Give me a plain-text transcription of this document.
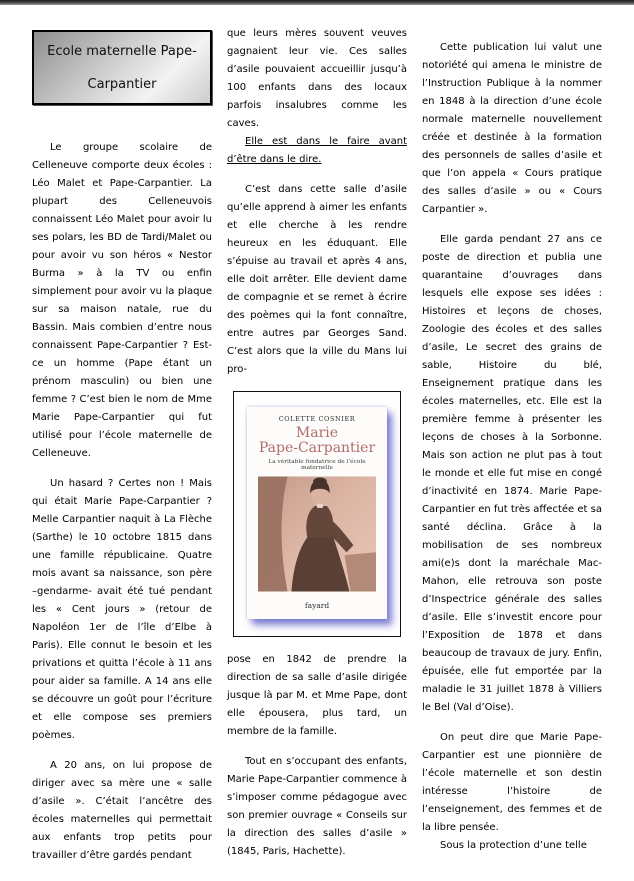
Ecole maternelle Pape-Carpantier

Le groupe scolaire de Celleneuve comporte deux écoles : Léo Malet et Pape-Carpantier. La plupart des Celleneuvois connaissent Léo Malet pour avoir lu ses polars, les BD de Tardi/Malet ou pour avoir vu son héros « Nestor Burma » à la TV ou enfin simplement pour avoir vu la plaque sur sa maison natale, rue du Bassin. Mais combien d’entre nous connaissent Pape-Carpantier ? Est-ce un homme (Pape étant un prénom masculin) ou bien une femme ? C’est bien le nom de Mme Marie Pape-Carpantier qui fut utilisé pour l’école maternelle de Celleneuve.

Un hasard ? Certes non ! Mais qui était Marie Pape-Carpantier ? Melle Carpantier naquit à La Flèche (Sarthe) le 10 octobre 1815 dans une famille républicaine. Quatre mois avant sa naissance, son père –gendarme- avait été tué pendant les « Cent jours » (retour de Napoléon 1er de l’île d’Elbe à Paris). Elle connut le besoin et les privations et quitta l’école à 11 ans pour aider sa famille. A 14 ans elle se découvre un goût pour l’écriture et elle compose ses premiers poèmes.

A 20 ans, on lui propose de diriger avec sa mère une « salle d’asile ». C’était l’ancêtre des écoles maternelles qui permettait aux enfants trop petits pour travailler d’être gardés pendant

que leurs mères souvent veuves gagnaient leur vie. Ces salles d’asile pouvaient accueillir jusqu’à 100 enfants dans des locaux parfois insalubres comme les caves.

Elle est dans le faire avant d’être dans le dire.

C’est dans cette salle d’asile qu’elle apprend à aimer les enfants et elle cherche à les rendre heureux en les éduquant. Elle s’épuise au travail et après 4 ans, elle doit arrêter. Elle devient dame de compagnie et se remet à écrire des poèmes qui la font connaître, entre autres par Georges Sand. C’est alors que la ville du Mans lui pro-

COLETTE COSNIER
Marie
Pape-Carpantier
La véritable fondatrice de l’école maternelle
fayard

pose en 1842 de prendre la direction de sa salle d’asile dirigée jusque là par M. et Mme Pape, dont elle épousera, plus tard, un membre de la famille.

Tout en s’occupant des enfants, Marie Pape-Carpantier commence à s’imposer comme pédagogue avec son premier ouvrage « Conseils sur la direction des salles d’asile » (1845, Paris, Hachette).

Cette publication lui valut une notoriété qui amena le ministre de l’Instruction Publique à la nommer en 1848 à la direction d’une école normale maternelle nouvellement créée et destinée à la formation des personnels de salles d’asile et que l’on appela « Cours pratique des salles d’asile » ou « Cours Carpantier ».

Elle garda pendant 27 ans ce poste de direction et publia une quarantaine d’ouvrages dans lesquels elle expose ses idées : Histoires et leçons de choses, Zoologie des écoles et des salles d’asile, Le secret des grains de sable, Histoire du blé, Enseignement pratique dans les écoles maternelles, etc. Elle est la première femme à présenter les leçons de choses à la Sorbonne. Mais son action ne plut pas à tout le monde et elle fut mise en congé d’inactivité en 1874. Marie Pape-Carpantier en fut très affectée et sa santé déclina. Grâce à la mobilisation de ses nombreux ami(e)s dont la maréchale Mac-Mahon, elle retrouva son poste d’Inspectrice générale des salles d’asile. Elle s’investit encore pour l’Exposition de 1878 et dans beaucoup de travaux de jury. Enfin, épuisée, elle fut emportée par la maladie le 31 juillet 1878 à Villiers le Bel (Val d’Oise).

On peut dire que Marie Pape-Carpantier est une pionnière de l’école maternelle et son destin intéresse l’histoire de l’enseignement, des femmes et de la libre pensée.

Sous la protection d’une telle
